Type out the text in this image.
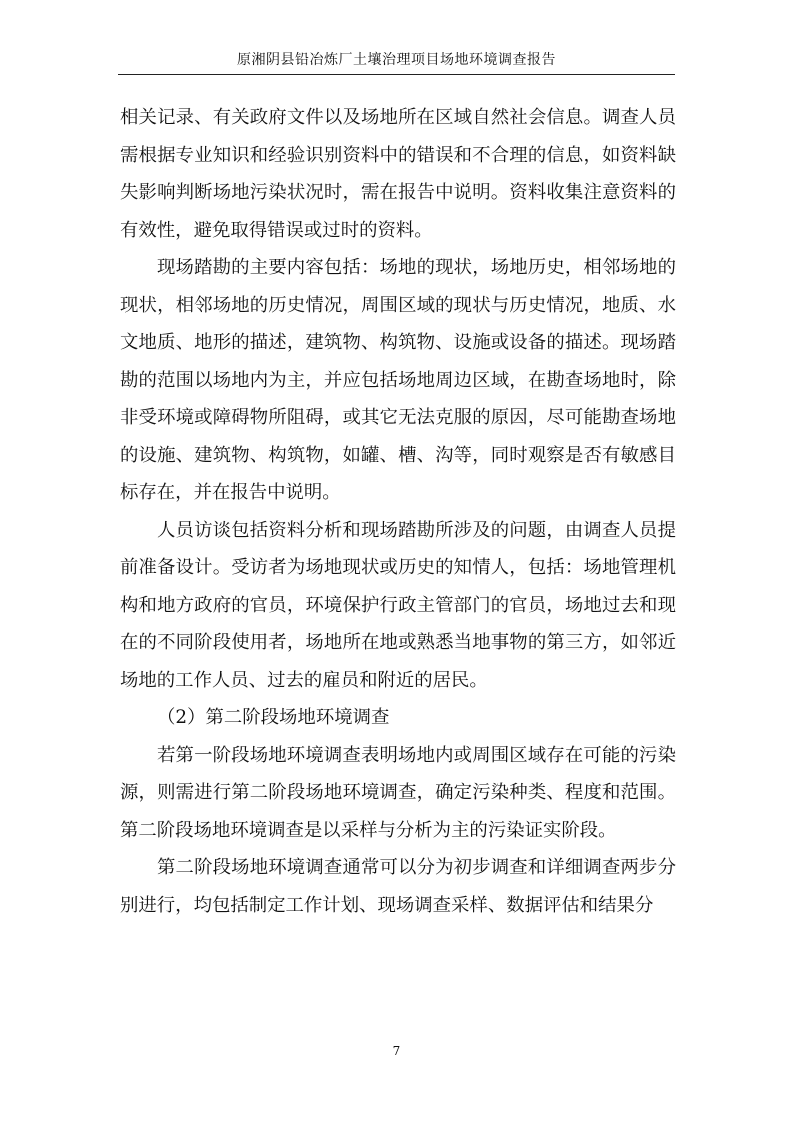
原湘阴县铅冶炼厂土壤治理项目场地环境调查报告

相关记录、有关政府文件以及场地所在区域自然社会信息。调查人员需根据专业知识和经验识别资料中的错误和不合理的信息，如资料缺失影响判断场地污染状况时，需在报告中说明。资料收集注意资料的有效性，避免取得错误或过时的资料。

现场踏勘的主要内容包括：场地的现状，场地历史，相邻场地的现状，相邻场地的历史情况，周围区域的现状与历史情况，地质、水文地质、地形的描述，建筑物、构筑物、设施或设备的描述。现场踏勘的范围以场地内为主，并应包括场地周边区域，在勘查场地时，除非受环境或障碍物所阻碍，或其它无法克服的原因，尽可能勘查场地的设施、建筑物、构筑物，如罐、槽、沟等，同时观察是否有敏感目标存在，并在报告中说明。

人员访谈包括资料分析和现场踏勘所涉及的问题，由调查人员提前准备设计。受访者为场地现状或历史的知情人，包括：场地管理机构和地方政府的官员，环境保护行政主管部门的官员，场地过去和现在的不同阶段使用者，场地所在地或熟悉当地事物的第三方，如邻近场地的工作人员、过去的雇员和附近的居民。

（2）第二阶段场地环境调查

若第一阶段场地环境调查表明场地内或周围区域存在可能的污染源，则需进行第二阶段场地环境调查，确定污染种类、程度和范围。第二阶段场地环境调查是以采样与分析为主的污染证实阶段。

第二阶段场地环境调查通常可以分为初步调查和详细调查两步分别进行，均包括制定工作计划、现场调查采样、数据评估和结果分

7
